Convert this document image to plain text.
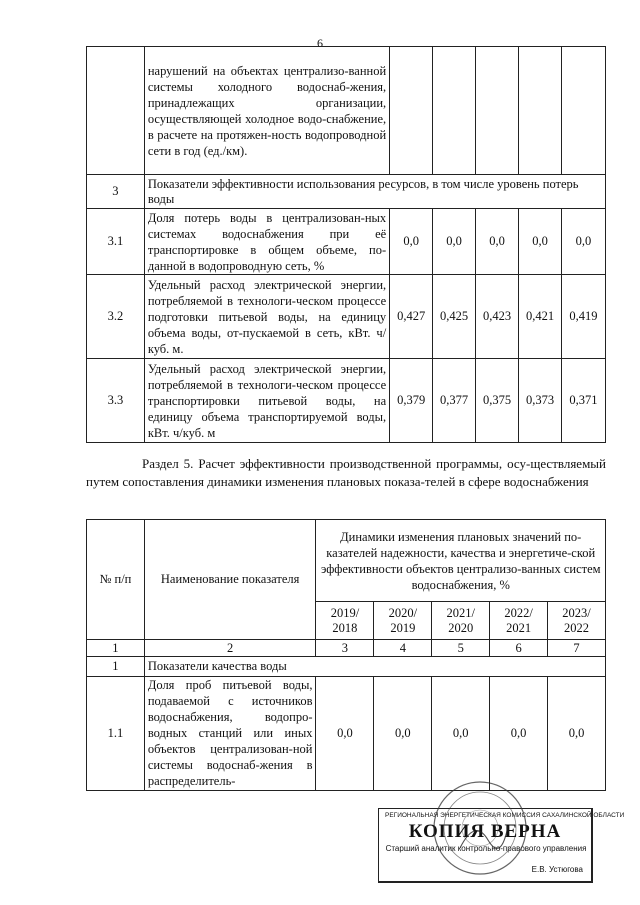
6
	нарушений на объектах централизо-ванной системы холодного водоснаб-жения, принадлежащих организации, осуществляющей холодное водо-снабжение, в расчете на протяжен-ность водопроводной сети в год (ед./км).					
3	Показатели эффективности использования ресурсов, в том числе уровень потерь воды					
3.1	Доля потерь воды в централизован-ных системах водоснабжения при её транспортировке в общем объеме, по-данной в водопроводную сеть, %	0,0	0,0	0,0	0,0	0,0
3.2	Удельный расход электрической энергии, потребляемой в технологи-ческом процессе подготовки питьевой воды, на единицу объема воды, от-пускаемой в сеть, кВт. ч/куб. м.	0,427	0,425	0,423	0,421	0,419
3.3	Удельный расход электрической энергии, потребляемой в технологи-ческом процессе транспортировки питьевой воды, на единицу объема транспортируемой воды, кВт. ч/куб. м	0,379	0,377	0,375	0,373	0,371
Раздел 5. Расчет эффективности производственной программы, осу-ществляемый путем сопоставления динамики изменения плановых показа-телей в сфере водоснабжения
№ п/п	Наименование показателя	Динамики изменения плановых значений по-казателей надежности, качества и энергетиче-ской эффективности объектов централизо-ванных систем водоснабжения, %				
		2019/ 2018	2020/ 2019	2021/ 2020	2022/ 2021	2023/ 2022
1	2	3	4	5	6	7
1	Показатели качества воды					
1.1	Доля проб питьевой воды, подаваемой с источников водоснабжения, водопро-водных станций или иных объектов централизован-ной системы водоснаб-жения в распределитель-	0,0	0,0	0,0	0,0	0,0
РЕГИОНАЛЬНАЯ ЭНЕРГЕТИЧЕСКАЯ КОМИССИЯ САХАЛИНСКОЙ ОБЛАСТИ
КОПИЯ ВЕРНА
Старший аналитик контрольно-правового управления
Е.В. Устюгова
